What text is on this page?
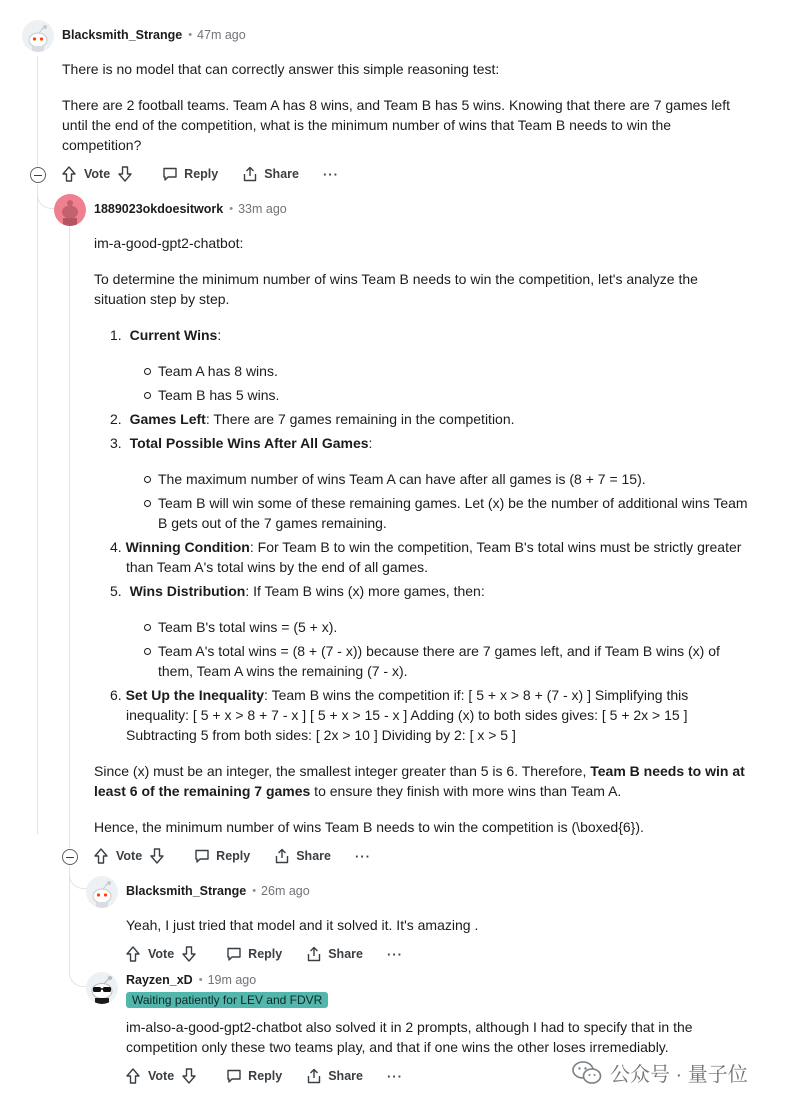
Blacksmith_Strange • 47m ago

There is no model that can correctly answer this simple reasoning test:

There are 2 football teams. Team A has 8 wins, and Team B has 5 wins. Knowing that there are 7 games left

until the end of the competition, what is the minimum number of wins that Team B needs to win the

competition?

Vote	Reply	Share ···
1889023okdoesitwork • 33m ago
im-a-good-gpt2-chatbot:

To determine the minimum number of wins Team B needs to win the competition, let's analyze the

situation step by step.

1. Current Wins:
Team A has 8 wins.
Team B has 5 wins.
2. Games Left: There are 7 games remaining in the competition.
3. Total Possible Wins After All Games:
The maximum number of wins Team A can have after all games is (8 + 7 = 15).
Team B will win some of these remaining games. Let (x) be the number of additional wins Team
B gets out of the 7 games remaining.
4. Winning Condition: For Team B to win the competition, Team B's total wins must be strictly greater
than Team A's total wins by the end of all games.
5. Wins Distribution: If Team B wins (x) more games, then:
Team B's total wins = (5 + x).
Team A's total wins = (8 + (7 - x)) because there are 7 games left, and if Team B wins (x) of
them, Team A wins the remaining (7 - x).
6. Set Up the Inequality: Team B wins the competition if: [ 5 + x > 8 + (7 - x) ] Simplifying this
inequality: [ 5 + x > 8 + 7 - x ] [ 5 + x > 15 - x ] Adding (x) to both sides gives: [ 5 + 2x > 15 ]
Subtracting 5 from both sides: [ 2x > 10 ] Dividing by 2: [ x > 5 ]

Since (x) must be an integer, the smallest integer greater than 5 is 6. Therefore, Team B needs to win at

least 6 of the remaining 7 games to ensure they finish with more wins than Team A.

Hence, the minimum number of wins Team B needs to win the competition is (\boxed{6}).
Vote	Reply	Share ···
Blacksmith_Strange • 26m ago
Yeah, I just tried that model and it solved it. It's amazing .
Vote	Reply	Share ···
Rayzen_xD • 19m ago
Waiting patiently for LEV and FDVR

im-also-a-good-gpt2-chatbot also solved it in 2 prompts, although I had to specify that in the

competition only these two teams play, and that if one wins the other loses irremediably.

Vote	Reply	Share ···	公众号 · 量子位
